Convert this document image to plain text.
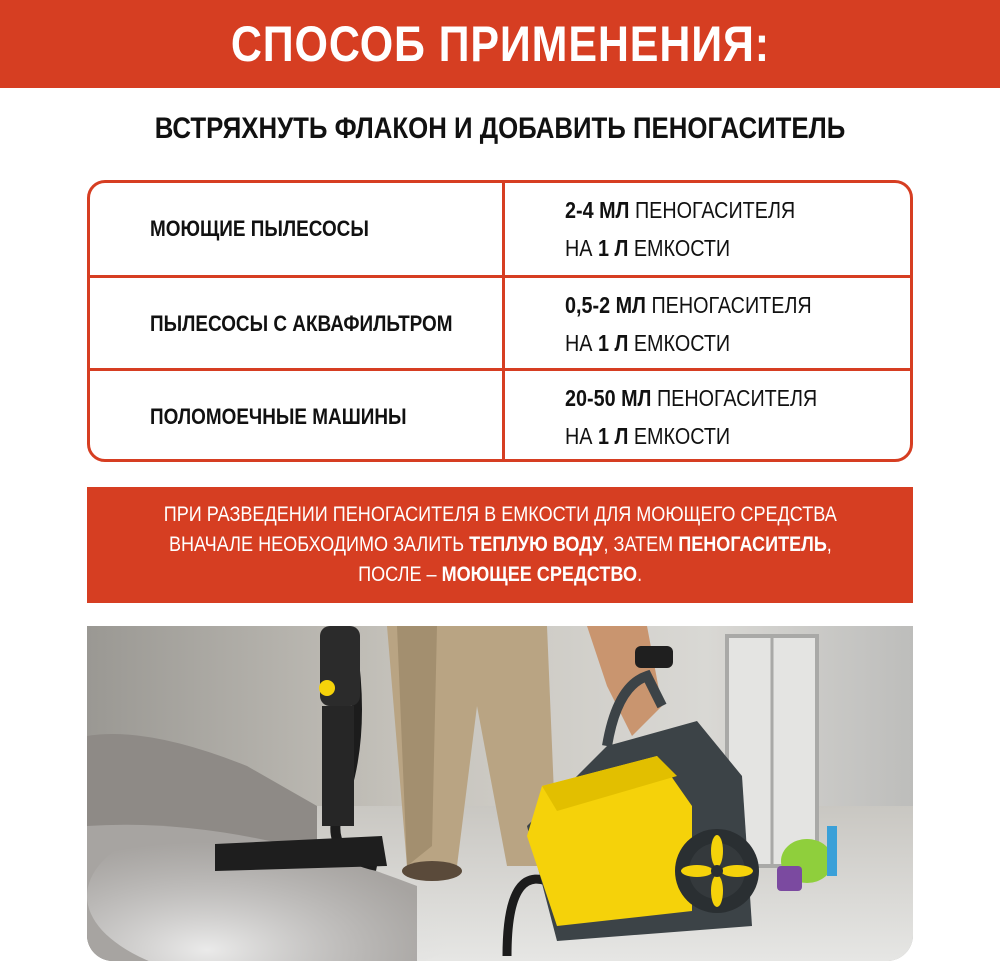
СПОСОБ ПРИМЕНЕНИЯ:
ВСТРЯХНУТЬ ФЛАКОН И ДОБАВИТЬ ПЕНОГАСИТЕЛЬ
МОЮЩИЕ ПЫЛЕСОСЫ
2-4 МЛ ПЕНОГАСИТЕЛЯ
НА 1 Л ЕМКОСТИ
ПЫЛЕСОСЫ С АКВАФИЛЬТРОМ
0,5-2 МЛ ПЕНОГАСИТЕЛЯ
НА 1 Л ЕМКОСТИ
ПОЛОМОЕЧНЫЕ МАШИНЫ
20-50 МЛ ПЕНОГАСИТЕЛЯ
НА 1 Л ЕМКОСТИ
ПРИ РАЗВЕДЕНИИ ПЕНОГАСИТЕЛЯ В ЕМКОСТИ ДЛЯ МОЮЩЕГО СРЕДСТВА
ВНАЧАЛЕ НЕОБХОДИМО ЗАЛИТЬ ТЕПЛУЮ ВОДУ, ЗАТЕМ ПЕНОГАСИТЕЛЬ,
ПОСЛЕ – МОЮЩЕЕ СРЕДСТВО.
